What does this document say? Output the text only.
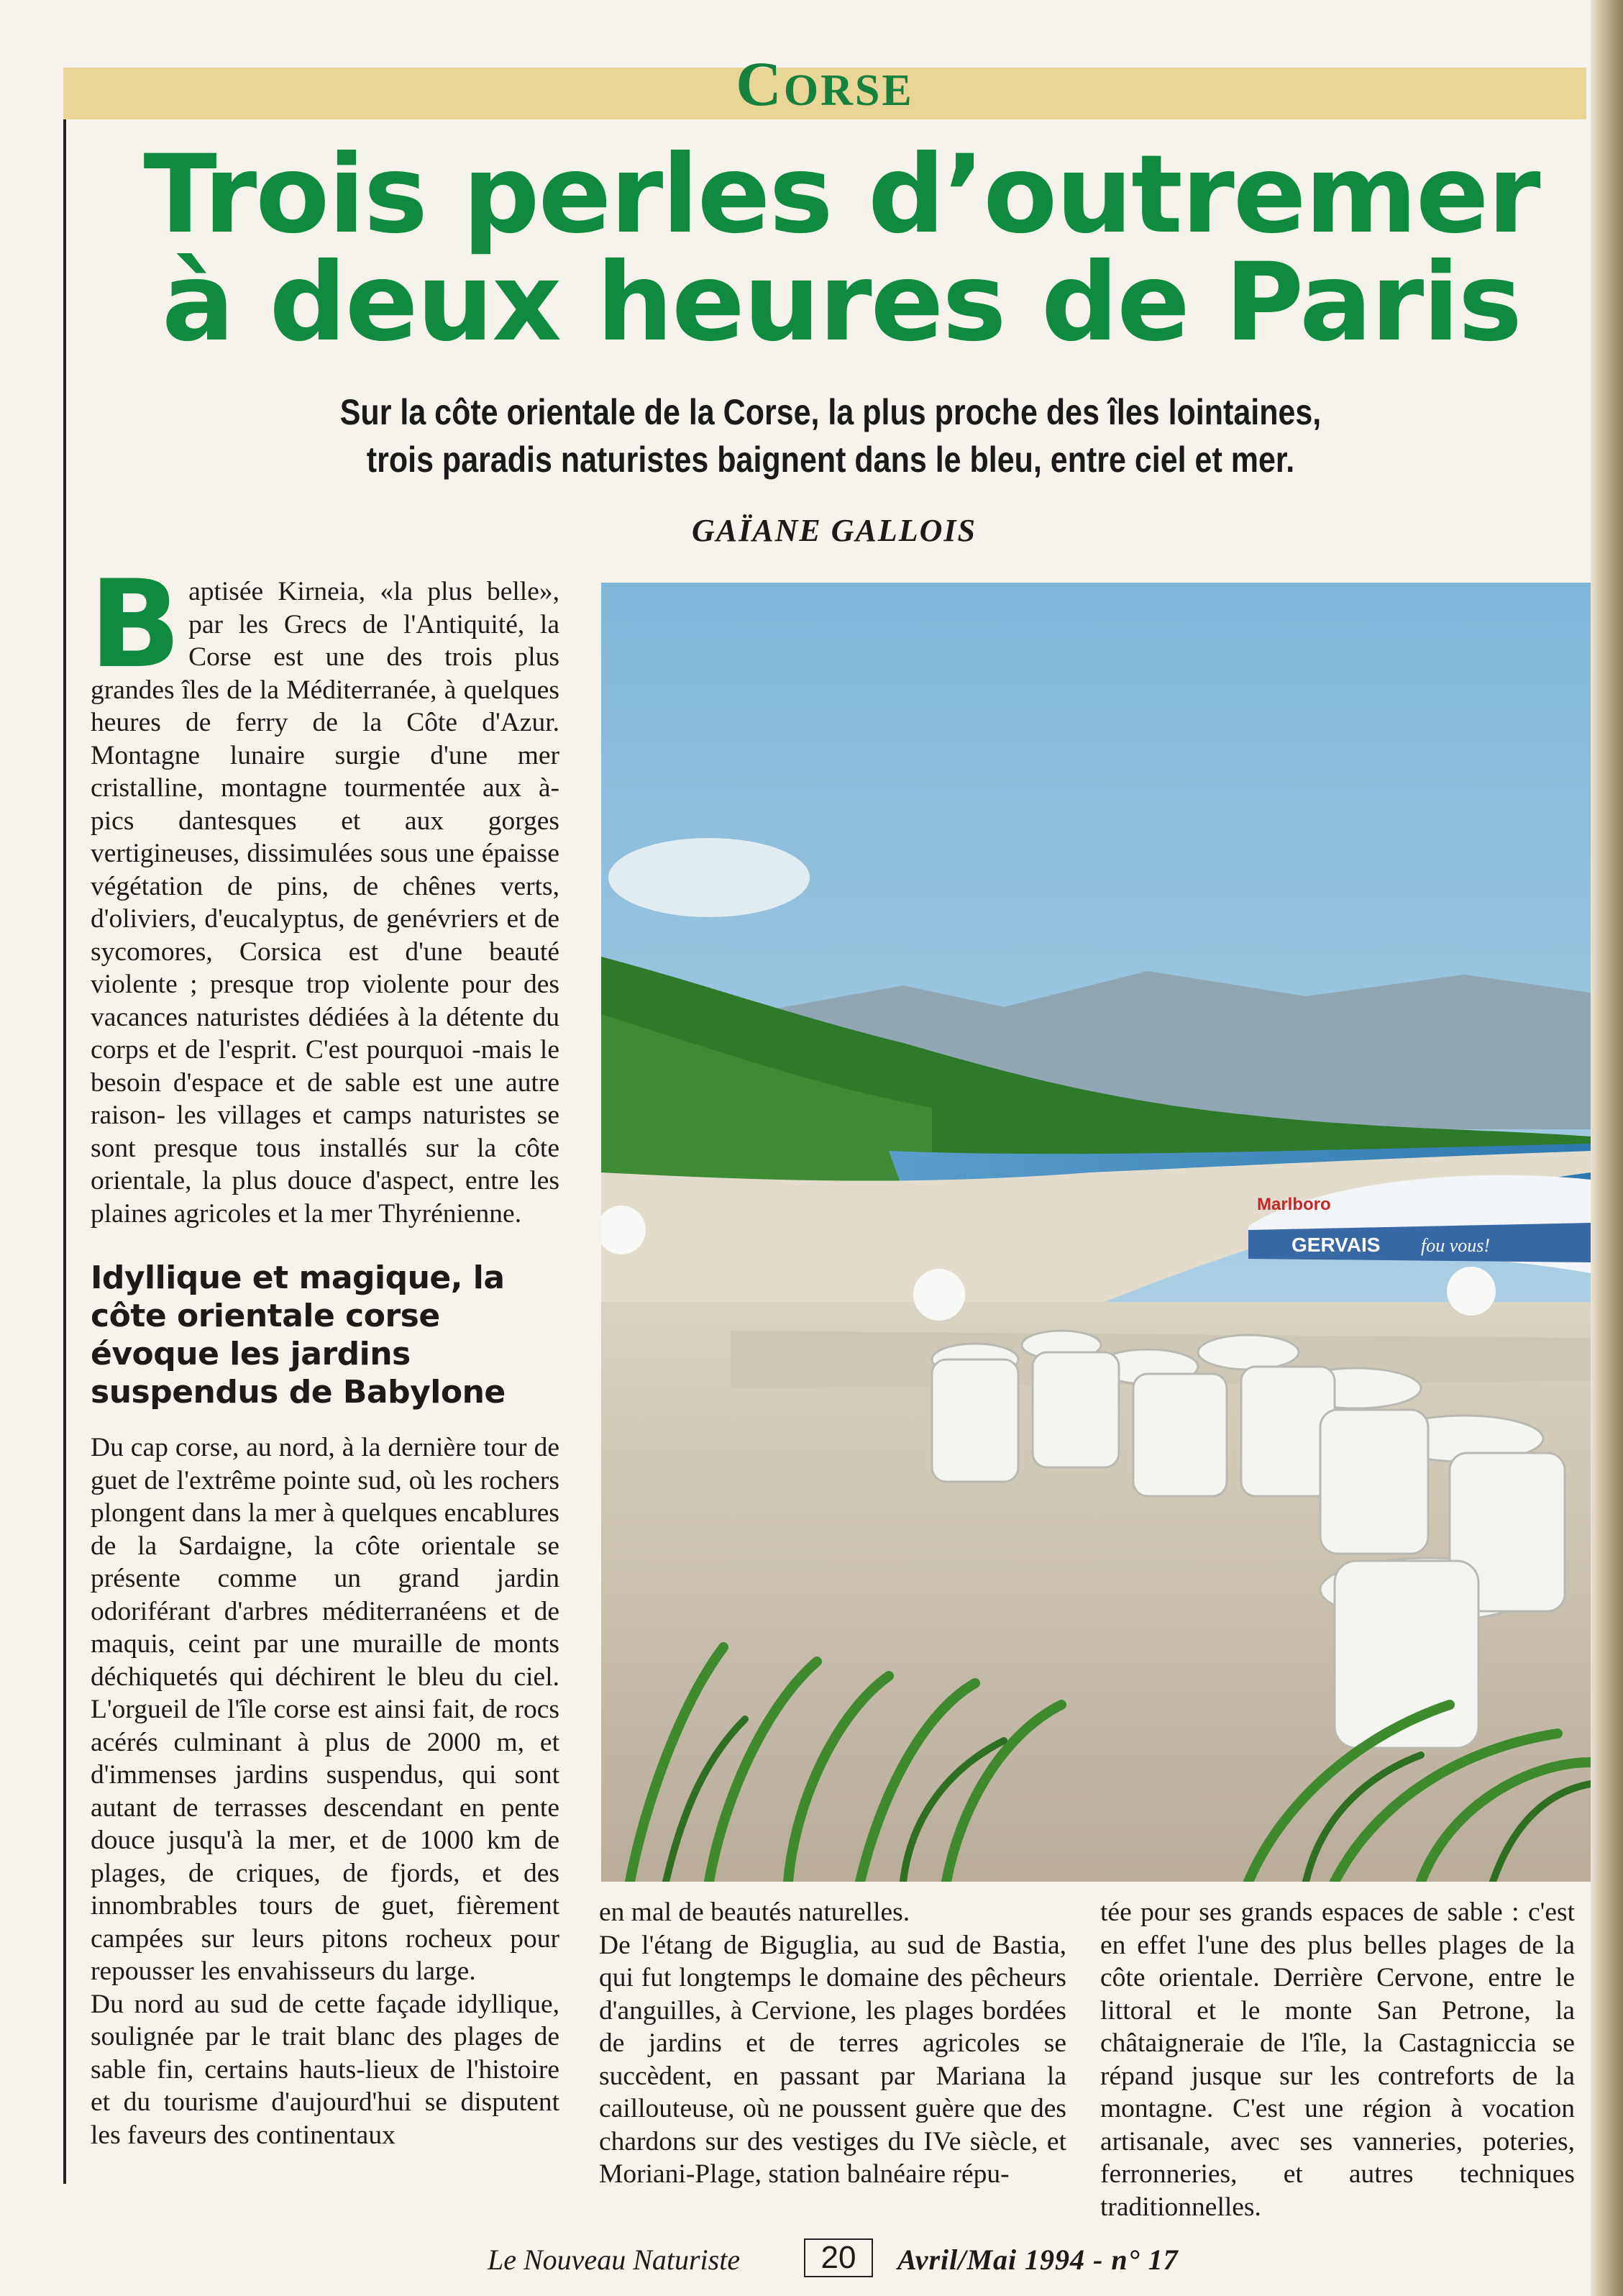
Corse
Trois perles d’outremer
à deux heures de Paris
Sur la côte orientale de la Corse, la plus proche des îles lointaines,
trois paradis naturistes baignent dans le bleu, entre ciel et mer.
GAÏANE GALLOIS
B aptisée Kirneia, «la plus belle», par les Grecs de l'Antiquité, la Corse est une des trois plus grandes îles de la Méditerranée, à quelques heures de ferry de la Côte d'Azur. Montagne lunaire surgie d'une mer cristalline, montagne tourmentée aux à-pics dantesques et aux gorges vertigineuses, dissimulées sous une épaisse végétation de pins, de chênes verts, d'oliviers, d'eucalyptus, de genévriers et de sycomores, Corsica est d'une beauté violente ; presque trop violente pour des vacances naturistes dédiées à la détente du corps et de l'esprit. C'est pourquoi -mais le besoin d'espace et de sable est une autre raison- les villages et camps naturistes se sont presque tous installés sur la côte orientale, la plus douce d'aspect, entre les plaines agricoles et la mer Thyrénienne.

Idyllique et magique, la côte orientale corse évoque les jardins suspendus de Babylone

Du cap corse, au nord, à la dernière tour de guet de l'extrême pointe sud, où les rochers plongent dans la mer à quelques encablures de la Sardaigne, la côte orientale se présente comme un grand jardin odoriférant d'arbres méditerranéens et de maquis, ceint par une muraille de monts déchiquetés qui déchirent le bleu du ciel. L'orgueil de l'île corse est ainsi fait, de rocs acérés culminant à plus de 2000 m, et d'immenses jardins suspendus, qui sont autant de terrasses descendant en pente douce jusqu'à la mer, et de 1000 km de plages, de criques, de fjords, et des innombrables tours de guet, fièrement campées sur leurs pitons rocheux pour repousser les envahisseurs du large.

Du nord au sud de cette façade idyllique, soulignée par le trait blanc des plages de sable fin, certains hauts-lieux de l'histoire et du tourisme d'aujourd'hui se disputent les faveurs des continentaux

Marlboro
GERVAIS fou vous!

en mal de beautés naturelles.

De l'étang de Biguglia, au sud de Bastia, qui fut longtemps le domaine des pêcheurs d'anguilles, à Cervione, les plages bordées de jardins et de terres agricoles se succèdent, en passant par Mariana la caillouteuse, où ne poussent guère que des chardons sur des vestiges du IVe siècle, et Moriani-Plage, station balnéaire répu-

tée pour ses grands espaces de sable : c'est en effet l'une des plus belles plages de la côte orientale. Derrière Cervone, entre le littoral et le monte San Petrone, la châtaigneraie de l'île, la Castagniccia se répand jusque sur les contreforts de la montagne. C'est une région à vocation artisanale, avec ses vanneries, poteries, ferronneries, et autres techniques traditionnelles.

Le Nouveau Naturiste	20	Avril/Mai 1994 - n° 17
